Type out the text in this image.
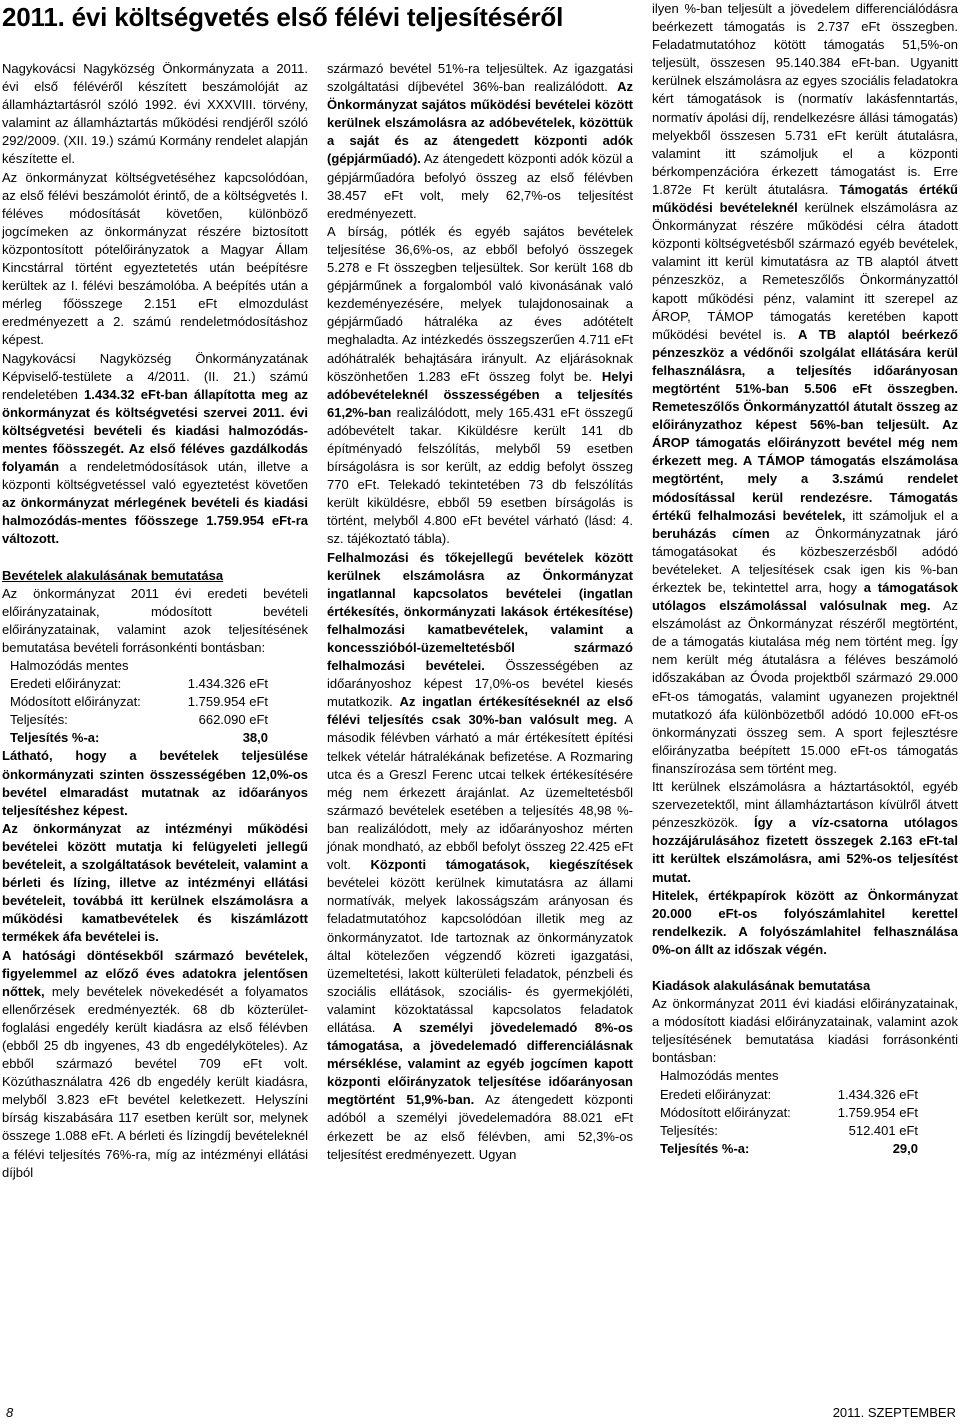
2011. évi költségvetés első félévi teljesítéséről

Nagykovácsi Nagyközség Önkormányzata a 2011. évi első félévéről készített beszámolóját az államháztartásról szóló 1992. évi XXXVIII. törvény, valamint az államháztartás működési rendjéről szóló 292/2009. (XII. 19.) számú Kormány rendelet alapján készítette el.

Az önkormányzat költségvetéséhez kapcsolódóan, az első félévi beszámolót érintő, de a költségvetés I. féléves módosítását követően, különböző jogcímeken az önkormányzat részére biztosított központosított pótelőirányzatok a Magyar Állam Kincstárral történt egyeztetetés után beépítésre kerültek az I. félévi beszámolóba. A beépítés után a mérleg főösszege 2.151 eFt elmozdulást eredményezett a 2. számú rendeletmódosításhoz képest.

Nagykovácsi Nagyközség Önkormányzatának Képviselő-testülete a 4/2011. (II. 21.) számú rendeletében 1.434.32 eFt-ban állapította meg az önkormányzat és költségvetési szervei 2011. évi költségvetési bevételi és kiadási halmozódás-mentes főösszegét. Az első féléves gazdálkodás folyamán a rendeletmódosítások után, illetve a központi költségvetéssel való egyeztetést követően az önkormányzat mérlegének bevételi és kiadási halmozódás-mentes főösszege 1.759.954 eFt-ra változott.

Bevételek alakulásának bemutatása

Az önkormányzat 2011 évi eredeti bevételi előirányzatainak, módosított bevételi előirányzatainak, valamint azok teljesítésének bemutatása bevételi forrásonkénti bontásban:

Halmozódás mentes
Eredeti előirányzat:	1.434.326 eFt
Módosított előirányzat:	1.759.954 eFt
Teljesítés:	662.090 eFt
Teljesítés %-a:	38,0

Látható, hogy a bevételek teljesülése önkormányzati szinten összességében 12,0%-os bevétel elmaradást mutatnak az időarányos teljesítéshez képest.

Az önkormányzat az intézményi működési bevételei között mutatja ki felügyeleti jellegű bevételeit, a szolgáltatások bevételeit, valamint a bérleti és lízing, illetve az intézményi ellátási bevételeit, továbbá itt kerülnek elszámolásra a működési kamatbevételek és kiszámlázott termékek áfa bevételei is.

A hatósági döntésekből származó bevételek, figyelemmel az előző éves adatokra jelentősen nőttek, mely bevételek növekedését a folyamatos ellenőrzések eredményezték. 68 db közterület-foglalási engedély került kiadásra az első félévben (ebből 25 db ingyenes, 43 db engedélyköteles). Az ebből származó bevétel 709 eFt volt. Közúthasználatra 426 db engedély került kiadásra, melyből 3.823 eFt bevétel keletkezett. Helyszíni bírság kiszabására 117 esetben került sor, melynek összege 1.088 eFt. A bérleti és lízingdíj bevételeknél a félévi teljesítés 76%-ra, míg az intézményi ellátási díjból

származó bevétel 51%-ra teljesültek. Az igazgatási szolgáltatási díjbevétel 36%-ban realizálódott. Az Önkormányzat sajátos működési bevételei között kerülnek elszámolásra az adóbevételek, közöttük a saját és az átengedett központi adók (gépjárműadó). Az átengedett központi adók közül a gépjárműadóra befolyó összeg az első félévben 38.457 eFt volt, mely 62,7%-os teljesítést eredményezett.

A bírság, pótlék és egyéb sajátos bevételek teljesítése 36,6%-os, az ebből befolyó összegek 5.278 e Ft összegben teljesültek. Sor került 168 db gépjárműnek a forgalomból való kivonásának való kezdeményezésére, melyek tulajdonosainak a gépjárműadó hátraléka az éves adótételt meghaladta. Az intézkedés összegszerűen 4.711 eFt adóhátralék behajtására irányult. Az eljárásoknak köszönhetően 1.283 eFt összeg folyt be. Helyi adóbevételeknél összességében a teljesítés 61,2%-ban realizálódott, mely 165.431 eFt összegű adóbevételt takar. Kiküldésre került 141 db építményadó felszólítás, melyből 59 esetben bírságolásra is sor került, az eddig befolyt összeg 770 eFt. Telekadó tekintetében 73 db felszólítás került kiküldésre, ebből 59 esetben bírságolás is történt, melyből 4.800 eFt bevétel várható (lásd: 4. sz. tájékoztató tábla).

Felhalmozási és tőkejellegű bevételek között kerülnek elszámolásra az Önkormányzat ingatlannal kapcsolatos bevételei (ingatlan értékesítés, önkormányzati lakások értékesítése) felhalmozási kamatbevételek, valamint a koncesszióból-üzemeltetésből származó felhalmozási bevételei. Összességében az időarányoshoz képest 17,0%-os bevétel kiesés mutatkozik. Az ingatlan értékesítéseknél az első félévi teljesítés csak 30%-ban valósult meg. A második félévben várható a már értékesített építési telkek vételár hátralékának befizetése. A Rozmaring utca és a Greszl Ferenc utcai telkek értékesítésére még nem érkezett árajánlat. Az üzemeltetésből származó bevételek esetében a teljesítés 48,98 %-ban realizálódott, mely az időarányoshoz mérten jónak mondható, az ebből befolyt összeg 22.425 eFt volt. Központi támogatások, kiegészítések bevételei között kerülnek kimutatásra az állami normatívák, melyek lakosságszám arányosan és feladatmutatóhoz kapcsolódóan illetik meg az önkormányzatot. Ide tartoznak az önkormányzatok által kötelezően végzendő közreti igazgatási, üzemeltetési, lakott külterületi feladatok, pénzbeli és szociális ellátások, szociális- és gyermekjóléti, valamint közoktatással kapcsolatos feladatok ellátása. A személyi jövedelemadó 8%-os támogatása, a jövedelemadó differenciálásnak mérséklése, valamint az egyéb jogcímen kapott központi előirányzatok teljesítése időarányosan megtörtént 51,9%-ban. Az átengedett központi adóból a személyi jövedelemadóra 88.021 eFt érkezett be az első félévben, ami 52,3%-os teljesítést eredményezett. Ugyan

ilyen %-ban teljesült a jövedelem differenciálódásra beérkezett támogatás is 2.737 eFt összegben. Feladatmutatóhoz kötött támogatás 51,5%-on teljesült, összesen 95.140.384 eFt-ban. Ugyanitt kerülnek elszámolásra az egyes szociális feladatokra kért támogatások is (normatív lakásfenntartás, normatív ápolási díj, rendelkezésre állási támogatás) melyekből összesen 5.731 eFt került átutalásra, valamint itt számoljuk el a központi bérkompenzációra érkezett támogatást is. Erre 1.872e Ft került átutalásra. Támogatás értékű működési bevételeknél kerülnek elszámolásra az Önkormányzat részére működési célra átadott központi költségvetésből származó egyéb bevételek, valamint itt kerül kimutatásra az TB alaptól átvett pénzeszköz, a Remeteszőlős Önkormányzattól kapott működési pénz, valamint itt szerepel az ÁROP, TÁMOP támogatás keretében kapott működési bevétel is. A TB alaptól beérkező pénzeszköz a védőnői szolgálat ellátására kerül felhasználásra, a teljesítés időarányosan megtörtént 51%-ban 5.506 eFt összegben. Remeteszőlős Önkormányzattól átutalt összeg az előirányzathoz képest 56%-ban teljesült. Az ÁROP támogatás előirányzott bevétel még nem érkezett meg. A TÁMOP támogatás elszámolása megtörtént, mely a 3.számú rendelet módosítással kerül rendezésre. Támogatás értékű felhalmozási bevételek, itt számoljuk el a beruházás címen az Önkormányzatnak járó támogatásokat és közbeszerzésből adódó bevételeket. A teljesítések csak igen kis %-ban érkeztek be, tekintettel arra, hogy a támogatások utólagos elszámolással valósulnak meg. Az elszámolást az Önkormányzat részéről megtörtént, de a támogatás kiutalása még nem történt meg. Így nem került még átutalásra a féléves beszámoló időszakában az Óvoda projektből származó 29.000 eFt-os támogatás, valamint ugyanezen projektnél mutatkozó áfa különbözetből adódó 10.000 eFt-os önkormányzati összeg sem. A sport fejlesztésre előirányzatba beépített 15.000 eFt-os támogatás finanszírozása sem történt meg.

Itt kerülnek elszámolásra a háztartásoktól, egyéb szervezetektől, mint államháztartáson kívülről átvett pénzeszközök. Így a víz-csatorna utólagos hozzájárulásához fizetett összegek 2.163 eFt-tal itt kerültek elszámolásra, ami 52%-os teljesítést mutat.

Hitelek, értékpapírok között az Önkormányzat 20.000 eFt-os folyószámlahitel kerettel rendelkezik. A folyószámlahitel felhasználása 0%-on állt az időszak végén.

Kiadások alakulásának bemutatása

Az önkormányzat 2011 évi kiadási előirányzatainak, a módosított kiadási előirányzatainak, valamint azok teljesítésének bemutatása kiadási forrásonkénti bontásban:

Halmozódás mentes
Eredeti előirányzat:	1.434.326 eFt
Módosított előirányzat:	1.759.954 eFt
Teljesítés:	512.401 eFt
Teljesítés %-a:	29,0
8	2011. SZEPTEMBER
